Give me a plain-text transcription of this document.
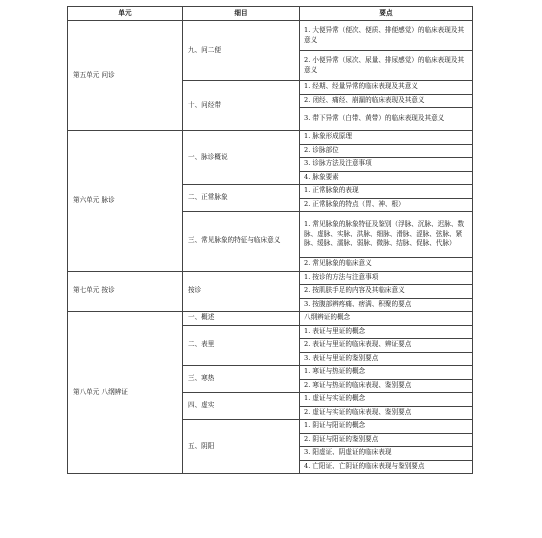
单元	细目	要点
第五单元 问诊	九、问二便	1. 大便异常（便次、便质、排便感觉）的临床表现及其意义
		2. 小便异常（尿次、尿量、排尿感觉）的临床表现及其意义
	十、问经带	1. 经期、经量异常的临床表现及其意义
		2. 闭经、痛经、崩漏的临床表现及其意义
		3. 带下异常（白带、黄带）的临床表现及其意义
第六单元 脉诊	一、脉诊概说	1. 脉象形成原理
		2. 诊脉部位
		3. 诊脉方法及注意事项
		4. 脉象要素
	二、正常脉象	1. 正常脉象的表现
		2. 正常脉象的特点（胃、神、根）
	三、常见脉象的特征与临床意义	1. 常见脉象的脉象特征及鉴别（浮脉、沉脉、迟脉、数脉、虚脉、实脉、洪脉、细脉、滑脉、涩脉、弦脉、紧脉、缓脉、濡脉、弱脉、微脉、结脉、促脉、代脉）
		2. 常见脉象的临床意义
第七单元 按诊	按诊	1. 按诊的方法与注意事项
		2. 按肌肤手足的内容及其临床意义
		3. 按腹部辨疼痛、痞满、积聚的要点
第八单元 八纲辨证	一、概述	八纲辨证的概念
	二、表里	1. 表证与里证的概念
		2. 表证与里证的临床表现、辨证要点
		3. 表证与里证的鉴别要点
	三、寒热	1. 寒证与热证的概念
		2. 寒证与热证的临床表现、鉴别要点
	四、虚实	1. 虚证与实证的概念
		2. 虚证与实证的临床表现、鉴别要点
	五、阴阳	1. 阴证与阳证的概念
		2. 阴证与阳证的鉴别要点
		3. 阳虚证、阴虚证的临床表现
		4. 亡阳证、亡阴证的临床表现与鉴别要点
